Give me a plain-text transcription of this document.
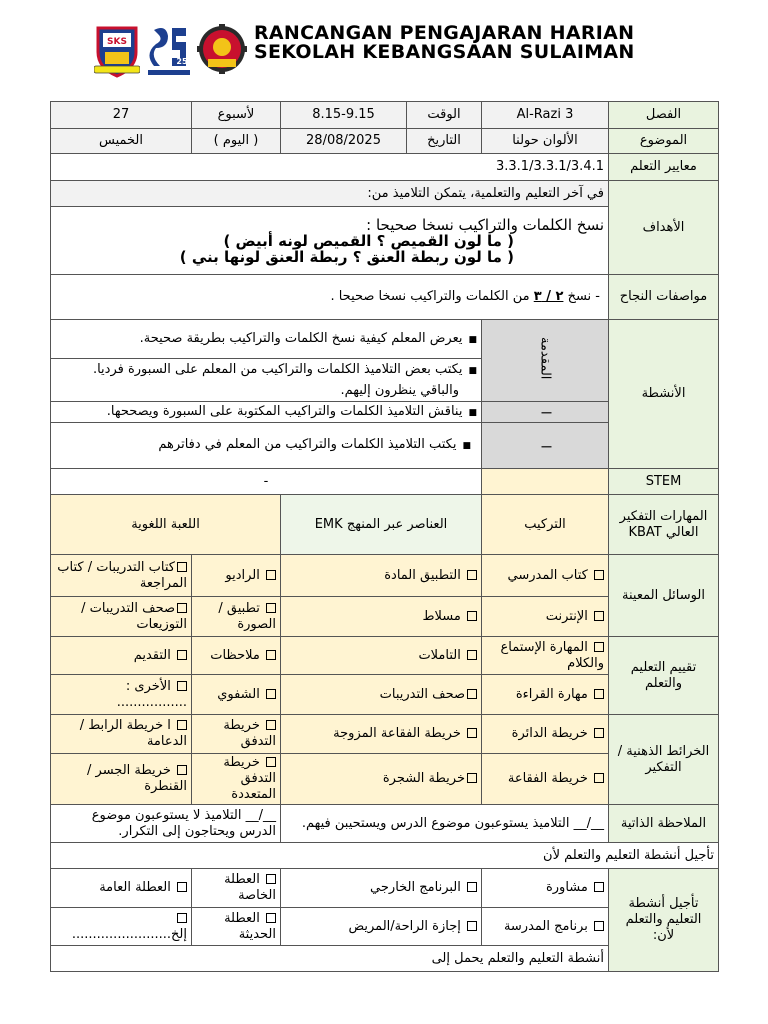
SKS
25
RANCANGAN PENGAJARAN HARIAN
SEKOLAH KEBANGSAAN SULAIMAN
الفصل	3 Al-Razi	الوقت	8.15-9.15	لأسبوع	27
الموضوع	الألوان حولنا	التاريخ	28/08/2025	( اليوم )	الخميس
معايير التعلم	3.3.1/3.3.1/3.4.1				
الأهداف	في آخر التعليم والتعلمية، يتمكن التلاميذ من:				

	نسخ الكلمات والتراكيب نسخا صحيحا :
( ما لون القميص ؟ القميص لونه أبيض )
( ما لون ربطة العنق ؟ ربطة العنق لونها بني )				

مواصفات النجاح	- نسخ ٢ / ٣ من الكلمات والتراكيب نسخا صحيحا .				
الأنشطة	المقدمة	■يعرض المعلم كيفية نسخ الكلمات والتراكيب بطريقة صحيحة.			
		■يكتب بعض التلاميذ الكلمات والتراكيب من المعلم على السبورة فرديا.
والباقي ينظرون إليهم.			
	ا	■يناقش التلاميذ الكلمات والتراكيب المكتوبة على السبورة ويصححها.			
	ا	■يكتب التلاميذ الكلمات والتراكيب من المعلم في دفاترهم			
STEM		-			
المهارات التفكير العالي KBAT	التركيب	العناصر عبر المنهج EMK		اللعبة اللغوية	
الوسائل المعينة	كتاب المدرسي	التطبيق المادة		الراديو	كتاب التدريبات / كتاب المراجعة
	الإنترنت	مسلاط		تطبيق / الصورة	صحف التدريبات / التوزيعات
تقييم التعليم والتعلم	المهارة الإستماع والكلام	التاملات		ملاحظات	التقديم
	مهارة القراءة	صحف التدريبات		الشفوي	الأخرى : .................
الخرائط الذهنية / التفكير	خريطة الدائرة	خريطة الفقاعة المزوجة		خريطة التدفق	ا خريطة الرابط / الدعامة
	خريطة الفقاعة	خريطة الشجرة		خريطة التدفق المتعددة	خريطة الجسر / القنطرة
الملاحظة الذاتية	__/__ التلاميذ يستوعبون موضوع الدرس ويستحيبن فيهم.			__/__ التلاميذ لا يستوعبون موضوع الدرس ويحتاجون إلى التكرار.	
تأجيل أنشطة التعليم والتعلم لأن					
تأجيل أنشطة التعليم والتعلم لأن:	مشاورة	البرنامج الخارجي		العطلة الخاصة	العطلة العامة
	برنامج المدرسة	إجازة الراحة/المريض		العطلة الحديثة	إلخ........................
	أنشطة التعليم والتعلم يحمل إلى				
